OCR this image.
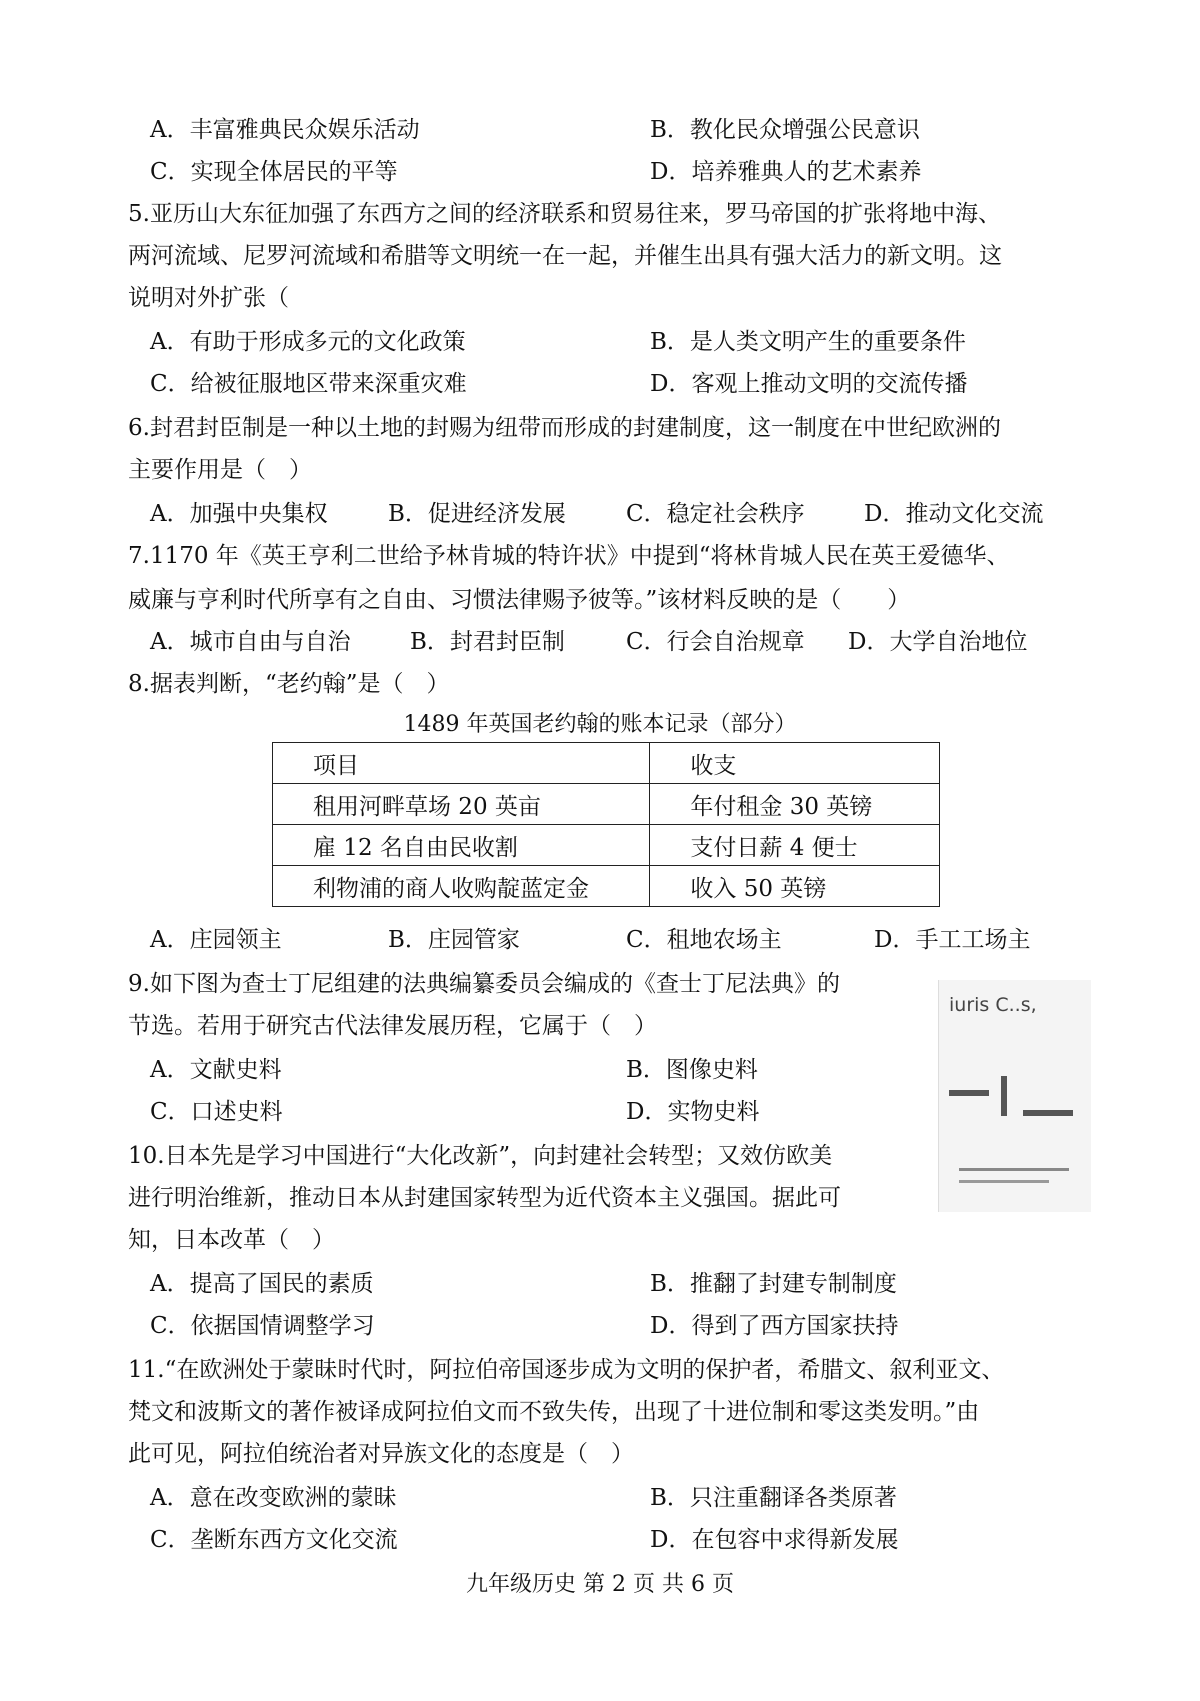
A．丰富雅典民众娱乐活动	B．教化民众增强公民意识
C．实现全体居民的平等	D．培养雅典人的艺术素养
5.亚历山大东征加强了东西方之间的经济联系和贸易往来，罗马帝国的扩张将地中海、
两河流域、尼罗河流域和希腊等文明统一在一起，并催生出具有强大活力的新文明。这
说明对外扩张（
A．有助于形成多元的文化政策	B．是人类文明产生的重要条件
C．给被征服地区带来深重灾难	D．客观上推动文明的交流传播
6.封君封臣制是一种以土地的封赐为纽带而形成的封建制度，这一制度在中世纪欧洲的
主要作用是（　）
A．加强中央集权	B．促进经济发展	C．稳定社会秩序	D．推动文化交流
7.1170 年《英王亨利二世给予林肯城的特许状》中提到“将林肯城人民在英王爱德华、
威廉与亨利时代所享有之自由、习惯法律赐予彼等。”该材料反映的是（　　）
A．城市自由与自治	B．封君封臣制	C．行会自治规章 D．大学自治地位
8.据表判断，“老约翰”是（　）
1489 年英国老约翰的账本记录（部分）
项目	收支
租用河畔草场 20 英亩	年付租金 30 英镑
雇 12 名自由民收割	支付日薪 4 便士
利物浦的商人收购靛蓝定金	收入 50 英镑
A．庄园领主	B．庄园管家	C．租地农场主	D．手工工场主
9.如下图为查士丁尼组建的法典编纂委员会编成的《查士丁尼法典》的
节选。若用于研究古代法律发展历程，它属于（　）
A．文献史料	B．图像史料
C．口述史料	D．实物史料
iuris C..s,
10.日本先是学习中国进行“大化改新”，向封建社会转型；又效仿欧美
进行明治维新，推动日本从封建国家转型为近代资本主义强国。据此可
知，日本改革（　）
A．提高了国民的素质	B．推翻了封建专制制度
C．依据国情调整学习	D．得到了西方国家扶持
11.“在欧洲处于蒙昧时代时，阿拉伯帝国逐步成为文明的保护者，希腊文、叙利亚文、
梵文和波斯文的著作被译成阿拉伯文而不致失传，出现了十进位制和零这类发明。”由
此可见，阿拉伯统治者对异族文化的态度是（　）
A．意在改变欧洲的蒙昧	B．只注重翻译各类原著
C．垄断东西方文化交流	D．在包容中求得新发展
九年级历史 第 2 页 共 6 页
